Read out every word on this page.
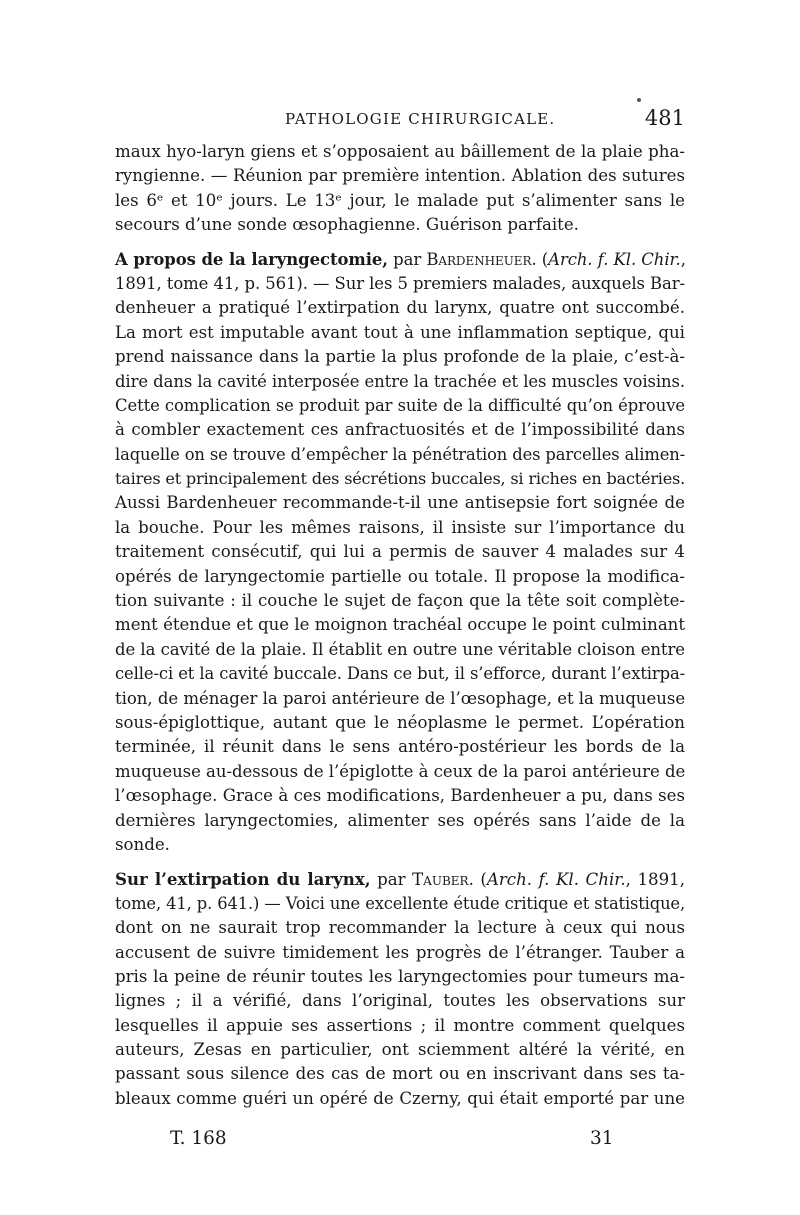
PATHOLOGIE CHIRURGICALE.	481
maux hyo-laryn giens et s’opposaient au bâillement de la plaie pha-
ryngienne. — Réunion par première intention. Ablation des sutures
les 6ᵉ et 10ᵉ jours. Le 13ᵉ jour, le malade put s’alimenter sans le
secours d’une sonde œsophagienne. Guérison parfaite.
A propos de la laryngectomie, par Bardenheuer. (Arch. f. Kl. Chir.,
1891, tome 41, p. 561). — Sur les 5 premiers malades, auxquels Bar-
denheuer a pratiqué l’extirpation du larynx, quatre ont succombé.
La mort est imputable avant tout à une inflammation septique, qui
prend naissance dans la partie la plus profonde de la plaie, c’est-à-
dire dans la cavité interposée entre la trachée et les muscles voisins.
Cette complication se produit par suite de la difficulté qu’on éprouve
à combler exactement ces anfractuosités et de l’impossibilité dans
laquelle on se trouve d’empêcher la pénétration des parcelles alimen-
taires et principalement des sécrétions buccales, si riches en bactéries.
Aussi Bardenheuer recommande-t-il une antisepsie fort soignée de
la bouche. Pour les mêmes raisons, il insiste sur l’importance du
traitement consécutif, qui lui a permis de sauver 4 malades sur 4
opérés de laryngectomie partielle ou totale. Il propose la modifica-
tion suivante : il couche le sujet de façon que la tête soit complète-
ment étendue et que le moignon trachéal occupe le point culminant
de la cavité de la plaie. Il établit en outre une véritable cloison entre
celle-ci et la cavité buccale. Dans ce but, il s’efforce, durant l’extirpa-
tion, de ménager la paroi antérieure de l’œsophage, et la muqueuse
sous-épiglottique, autant que le néoplasme le permet. L’opération
terminée, il réunit dans le sens antéro-postérieur les bords de la
muqueuse au-dessous de l’épiglotte à ceux de la paroi antérieure de
l’œsophage. Grace à ces modifications, Bardenheuer a pu, dans ses
dernières laryngectomies, alimenter ses opérés sans l’aide de la
sonde.
Sur l’extirpation du larynx, par Tauber. (Arch. f. Kl. Chir., 1891,
tome, 41, p. 641.) — Voici une excellente étude critique et statistique,
dont on ne saurait trop recommander la lecture à ceux qui nous
accusent de suivre timidement les progrès de l’étranger. Tauber a
pris la peine de réunir toutes les laryngectomies pour tumeurs ma-
lignes ; il a vérifié, dans l’original, toutes les observations sur
lesquelles il appuie ses assertions ; il montre comment quelques
auteurs, Zesas en particulier, ont sciemment altéré la vérité, en
passant sous silence des cas de mort ou en inscrivant dans ses ta-
bleaux comme guéri un opéré de Czerny, qui était emporté par une
T. 168	31
